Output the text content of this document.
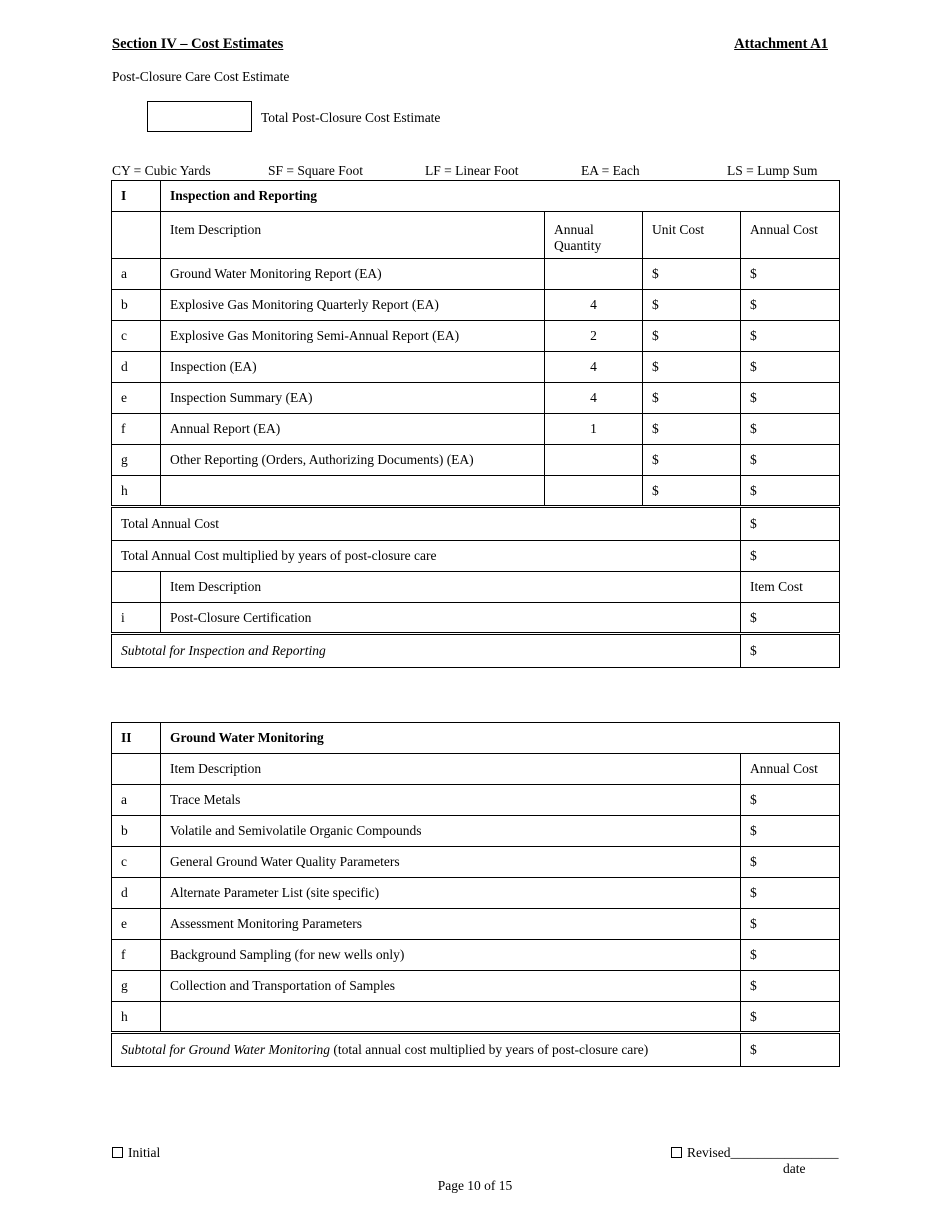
Section IV – Cost Estimates	Attachment A1
Post-Closure Care Cost Estimate
Total Post-Closure Cost Estimate
CY = Cubic Yards	SF = Square Foot	LF = Linear Foot	EA = Each	LS = Lump Sum
I	Inspection and Reporting			
	Item Description	Annual Quantity	Unit Cost	Annual Cost
a	Ground Water Monitoring Report (EA)		$	$
b	Explosive Gas Monitoring Quarterly Report (EA)	4	$	$
c	Explosive Gas Monitoring Semi-Annual Report (EA)	2	$	$
d	Inspection (EA)	4	$	$
e	Inspection Summary (EA)	4	$	$
f	Annual Report (EA)	1	$	$
g	Other Reporting (Orders, Authorizing Documents) (EA)		$	$
h			$	$
Total Annual Cost				$
Total Annual Cost multiplied by years of post-closure care				$
	Item Description			Item Cost
i	Post-Closure Certification			$
Subtotal for Inspection and Reporting				$
II	Ground Water Monitoring	
	Item Description	Annual Cost
a	Trace Metals	$
b	Volatile and Semivolatile Organic Compounds	$
c	General Ground Water Quality Parameters	$
d	Alternate Parameter List (site specific)	$
e	Assessment Monitoring Parameters	$
f	Background Sampling (for new wells only)	$
g	Collection and Transportation of Samples	$
h		$
Subtotal for Ground Water Monitoring (total annual cost multiplied by years of post-closure care)		$
Initial	Revised________________
date
Page 10 of 15
